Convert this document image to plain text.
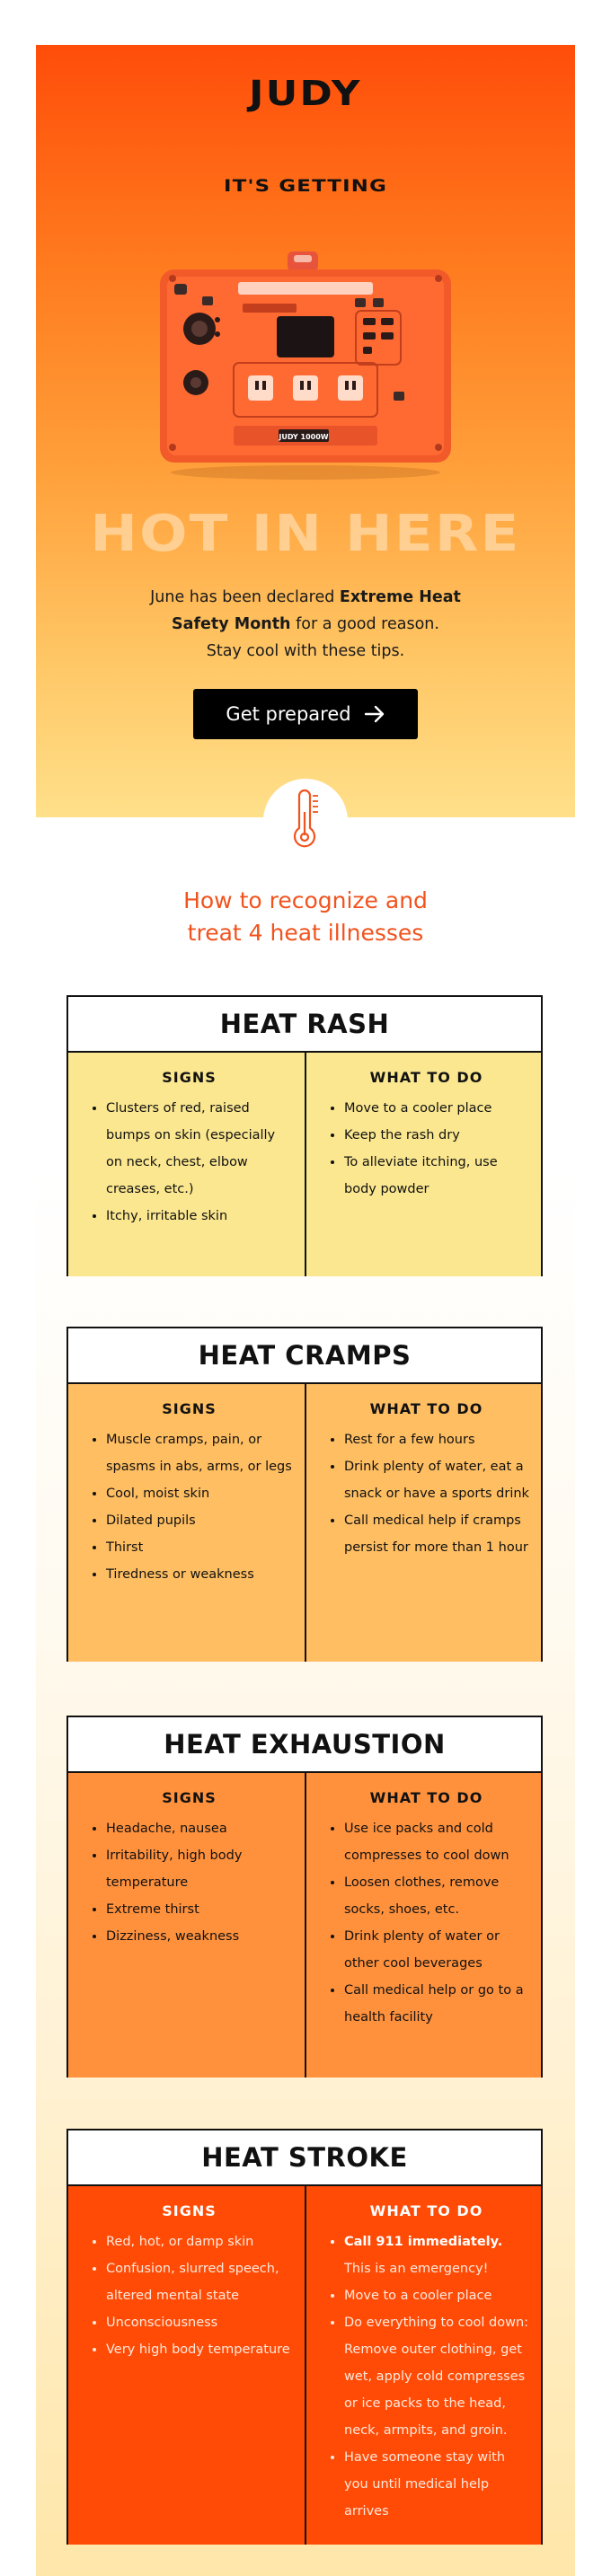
JUDY
IT'S GETTING
JUDY 1000W
HOT IN HERE
June has been declared Extreme Heat
Safety Month for a good reason.
Stay cool with these tips.
Get prepared
How to recognize and
treat 4 heat illnesses
HEAT RASH
SIGNS
• Clusters of red, raised bumps on skin (especially on neck, chest, elbow creases, etc.)
• Itchy, irritable skin
WHAT TO DO
• Move to a cooler place
• Keep the rash dry
• To alleviate itching, use body powder
HEAT CRAMPS
SIGNS
• Muscle cramps, pain, or spasms in abs, arms, or legs
• Cool, moist skin
• Dilated pupils
• Thirst
• Tiredness or weakness
WHAT TO DO
• Rest for a few hours
• Drink plenty of water, eat a snack or have a sports drink
• Call medical help if cramps persist for more than 1 hour
HEAT EXHAUSTION
SIGNS
• Headache, nausea
• Irritability, high body temperature
• Extreme thirst
• Dizziness, weakness
WHAT TO DO
• Use ice packs and cold compresses to cool down
• Loosen clothes, remove socks, shoes, etc.
• Drink plenty of water or other cool beverages
• Call medical help or go to a health facility
HEAT STROKE
SIGNS
• Red, hot, or damp skin
• Confusion, slurred speech, altered mental state
• Unconsciousness
• Very high body temperature
WHAT TO DO
• Call 911 immediately.
This is an emergency!
• Move to a cooler place
• Do everything to cool down: Remove outer clothing, get wet, apply cold compresses or ice packs to the head, neck, armpits, and groin.
• Have someone stay with you until medical help arrives
